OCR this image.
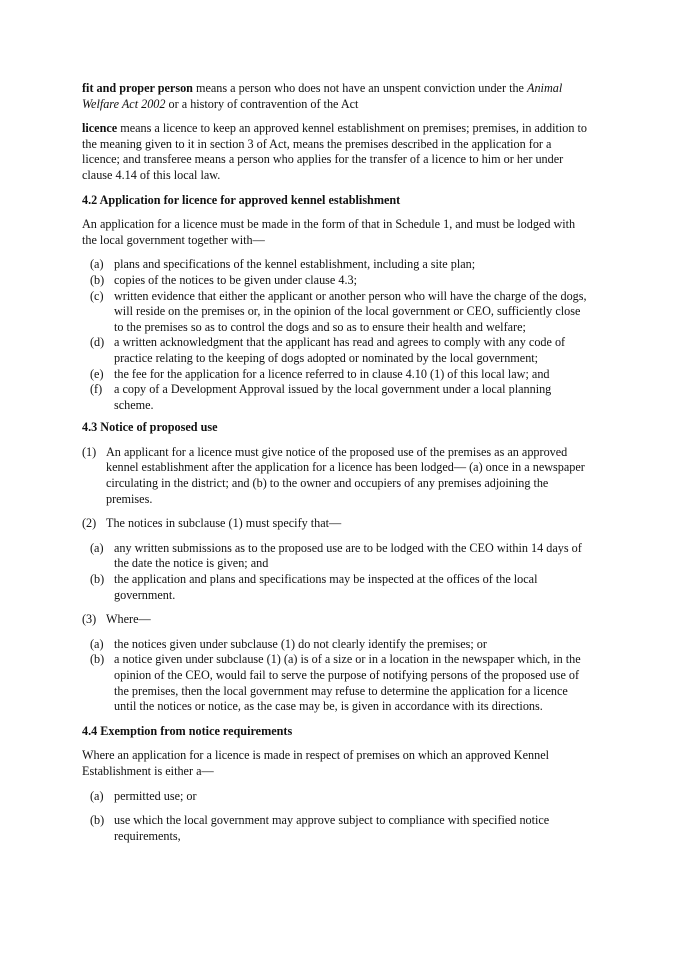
fit and proper person means a person who does not have an unspent conviction under the Animal Welfare Act 2002 or a history of contravention of the Act

licence means a licence to keep an approved kennel establishment on premises; premises, in addition to the meaning given to it in section 3 of Act, means the premises described in the application for a licence; and transferee means a person who applies for the transfer of a licence to him or her under clause 4.14 of this local law.

4.2 Application for licence for approved kennel establishment

An application for a licence must be made in the form of that in Schedule 1, and must be lodged with the local government together with—

(a) plans and specifications of the kennel establishment, including a site plan;
(b) copies of the notices to be given under clause 4.3;
(c) written evidence that either the applicant or another person who will have the charge of the dogs, will reside on the premises or, in the opinion of the local government or CEO, sufficiently close to the premises so as to control the dogs and so as to ensure their health and welfare;
(d) a written acknowledgment that the applicant has read and agrees to comply with any code of practice relating to the keeping of dogs adopted or nominated by the local government;
(e) the fee for the application for a licence referred to in clause 4.10 (1) of this local law; and
(f) a copy of a Development Approval issued by the local government under a local planning scheme.
4.3 Notice of proposed use
(1) An applicant for a licence must give notice of the proposed use of the premises as an approved kennel establishment after the application for a licence has been lodged— (a) once in a newspaper circulating in the district; and (b) to the owner and occupiers of any premises adjoining the premises.
(2) The notices in subclause (1) must specify that—

(a) any written submissions as to the proposed use are to be lodged with the CEO within 14 days of the date the notice is given; and
(b) the application and plans and specifications may be inspected at the offices of the local government.
(3) Where—

(a) the notices given under subclause (1) do not clearly identify the premises; or
(b) a notice given under subclause (1) (a) is of a size or in a location in the newspaper which, in the opinion of the CEO, would fail to serve the purpose of notifying persons of the proposed use of the premises, then the local government may refuse to determine the application for a licence until the notices or notice, as the case may be, is given in accordance with its directions.
4.4 Exemption from notice requirements

Where an application for a licence is made in respect of premises on which an approved Kennel Establishment is either a—

(a) permitted use; or
(b) use which the local government may approve subject to compliance with specified notice requirements,
